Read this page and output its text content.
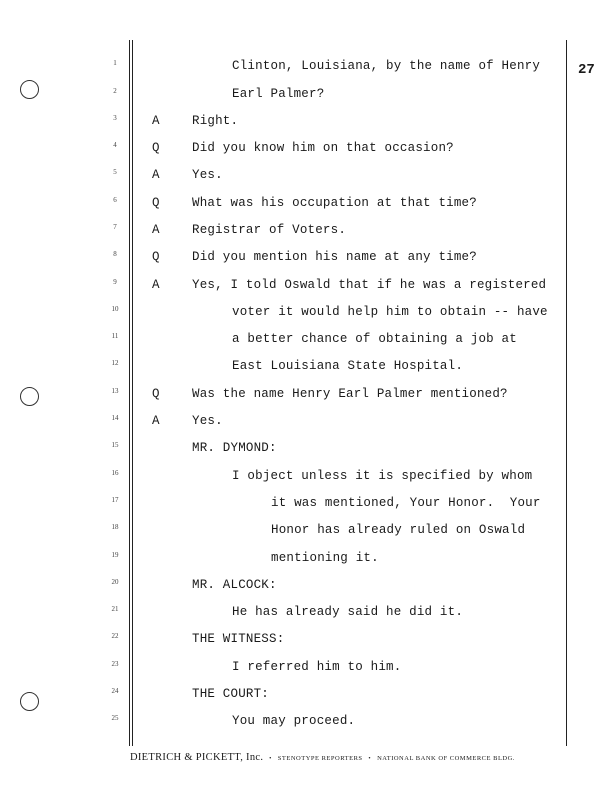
27
1
2
3
4
5
6
7
8
9
10
11
12
13
14
15
16
17
18
19
20
21
22
23
24
25
A
Q
A
Q
A
Q
A
Q
A
Clinton, Louisiana, by the name of Henry
Earl Palmer?
Right.
Did you know him on that occasion?
Yes.
What was his occupation at that time?
Registrar of Voters.
Did you mention his name at any time?
Yes, I told Oswald that if he was a registered
voter it would help him to obtain -- have
a better chance of obtaining a job at
East Louisiana State Hospital.
Was the name Henry Earl Palmer mentioned?
Yes.
MR. DYMOND:
I object unless it is specified by whom
it was mentioned, Your Honor.  Your
Honor has already ruled on Oswald
mentioning it.
MR. ALCOCK:
He has already said he did it.
THE WITNESS:
I referred him to him.
THE COURT:
You may proceed.
DIETRICH & PICKETT, Inc. • STENOTYPE REPORTERS • NATIONAL BANK OF COMMERCE BLDG.
